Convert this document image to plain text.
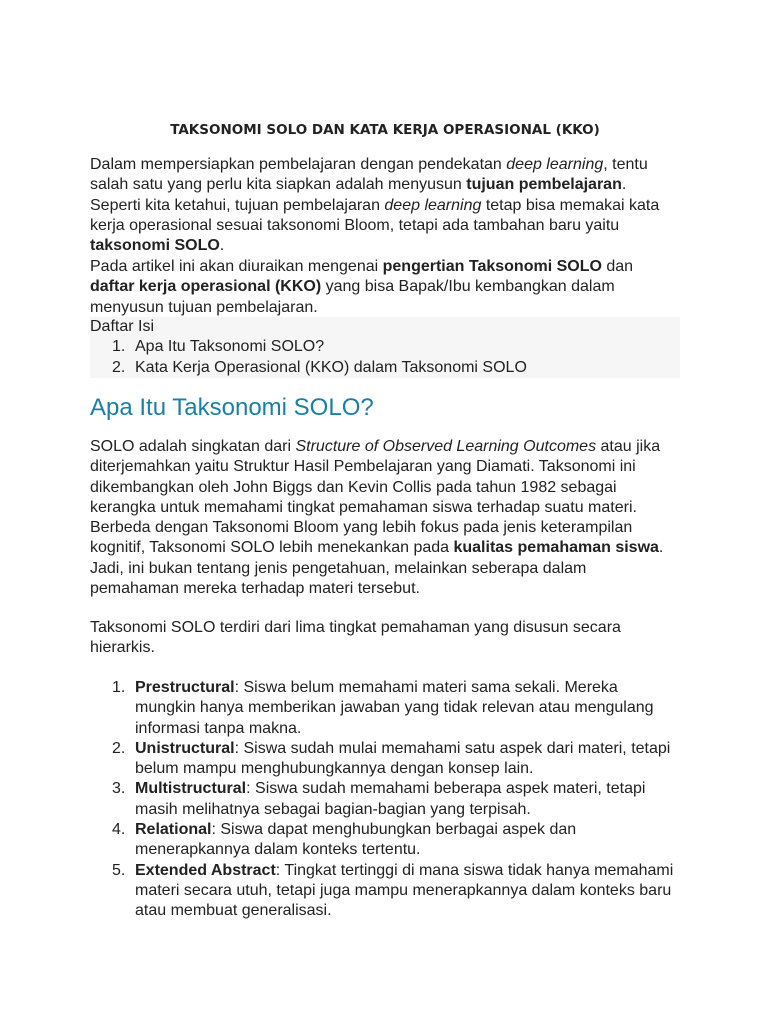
TAKSONOMI SOLO DAN KATA KERJA OPERASIONAL (KKO)

Dalam mempersiapkan pembelajaran dengan pendekatan deep learning, tentu salah satu yang perlu kita siapkan adalah menyusun tujuan pembelajaran. Seperti kita ketahui, tujuan pembelajaran deep learning tetap bisa memakai kata kerja operasional sesuai taksonomi Bloom, tetapi ada tambahan baru yaitu taksonomi SOLO.

Pada artikel ini akan diuraikan mengenai pengertian Taksonomi SOLO dan daftar kerja operasional (KKO) yang bisa Bapak/Ibu kembangkan dalam menyusun tujuan pembelajaran.

Daftar Isi
1. Apa Itu Taksonomi SOLO?
2. Kata Kerja Operasional (KKO) dalam Taksonomi SOLO
Apa Itu Taksonomi SOLO?

SOLO adalah singkatan dari Structure of Observed Learning Outcomes atau jika diterjemahkan yaitu Struktur Hasil Pembelajaran yang Diamati. Taksonomi ini dikembangkan oleh John Biggs dan Kevin Collis pada tahun 1982 sebagai kerangka untuk memahami tingkat pemahaman siswa terhadap suatu materi. Berbeda dengan Taksonomi Bloom yang lebih fokus pada jenis keterampilan kognitif, Taksonomi SOLO lebih menekankan pada kualitas pemahaman siswa. Jadi, ini bukan tentang jenis pengetahuan, melainkan seberapa dalam pemahaman mereka terhadap materi tersebut.

Taksonomi SOLO terdiri dari lima tingkat pemahaman yang disusun secara hierarkis.

1. Prestructural: Siswa belum memahami materi sama sekali. Mereka mungkin hanya memberikan jawaban yang tidak relevan atau mengulang informasi tanpa makna.
2. Unistructural: Siswa sudah mulai memahami satu aspek dari materi, tetapi belum mampu menghubungkannya dengan konsep lain.
3. Multistructural: Siswa sudah memahami beberapa aspek materi, tetapi masih melihatnya sebagai bagian-bagian yang terpisah.
4. Relational: Siswa dapat menghubungkan berbagai aspek dan menerapkannya dalam konteks tertentu.
5. Extended Abstract: Tingkat tertinggi di mana siswa tidak hanya memahami materi secara utuh, tetapi juga mampu menerapkannya dalam konteks baru atau membuat generalisasi.
